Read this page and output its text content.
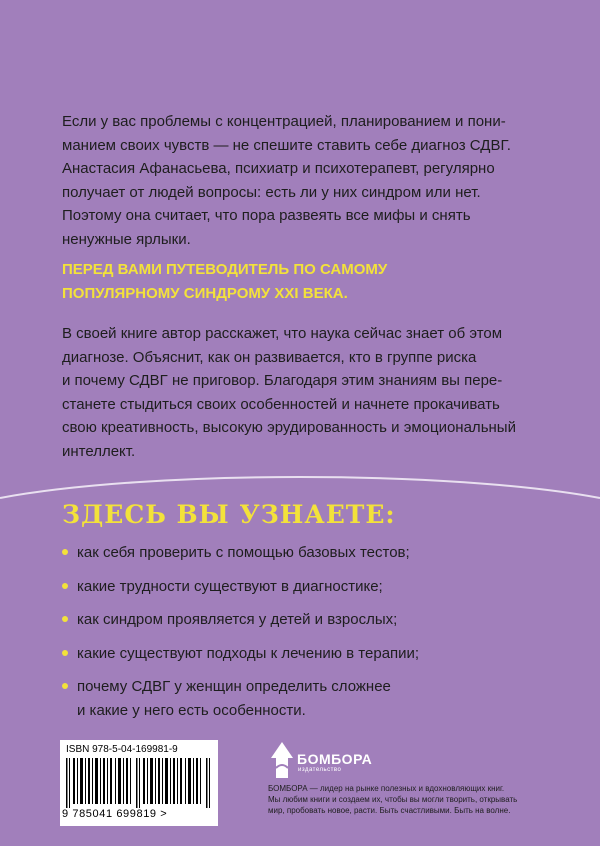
Если у вас проблемы с концентрацией, планированием и пони-

манием своих чувств — не спешите ставить себе диагноз СДВГ.

Анастасия Афанасьева, психиатр и психотерапевт, регулярно

получает от людей вопросы: есть ли у них синдром или нет.

Поэтому она считает, что пора развеять все мифы и снять

ненужные ярлыки.

ПЕРЕД ВАМИ ПУТЕВОДИТЕЛЬ ПО САМОМУ
ПОПУЛЯРНОМУ СИНДРОМУ XXI ВЕКА.
В своей книге автор расскажет, что наука сейчас знает об этом
диагнозе. Объяснит, как он развивается, кто в группе риска
и почему СДВГ не приговор. Благодаря этим знаниям вы пере-
станете стыдиться своих особенностей и начнете прокачивать
свою креативность, высокую эрудированность и эмоциональный
интеллект.
ЗДЕСЬ ВЫ УЗНАЕТЕ:
как себя проверить с помощью базовых тестов;
какие трудности существуют в диагностике;
как синдром проявляется у детей и взрослых;
какие существуют подходы к лечению в терапии;
почему СДВГ у женщин определить сложнее
и какие у него есть особенности.
ISBN 978-5-04-169981-9
9 785041 699819 >
БОМБОРА
издательство
БОМБОРА — лидер на рынке полезных и вдохновляющих книг.
Мы любим книги и создаем их, чтобы вы могли творить, открывать
мир, пробовать новое, расти. Быть счастливыми. Быть на волне.
